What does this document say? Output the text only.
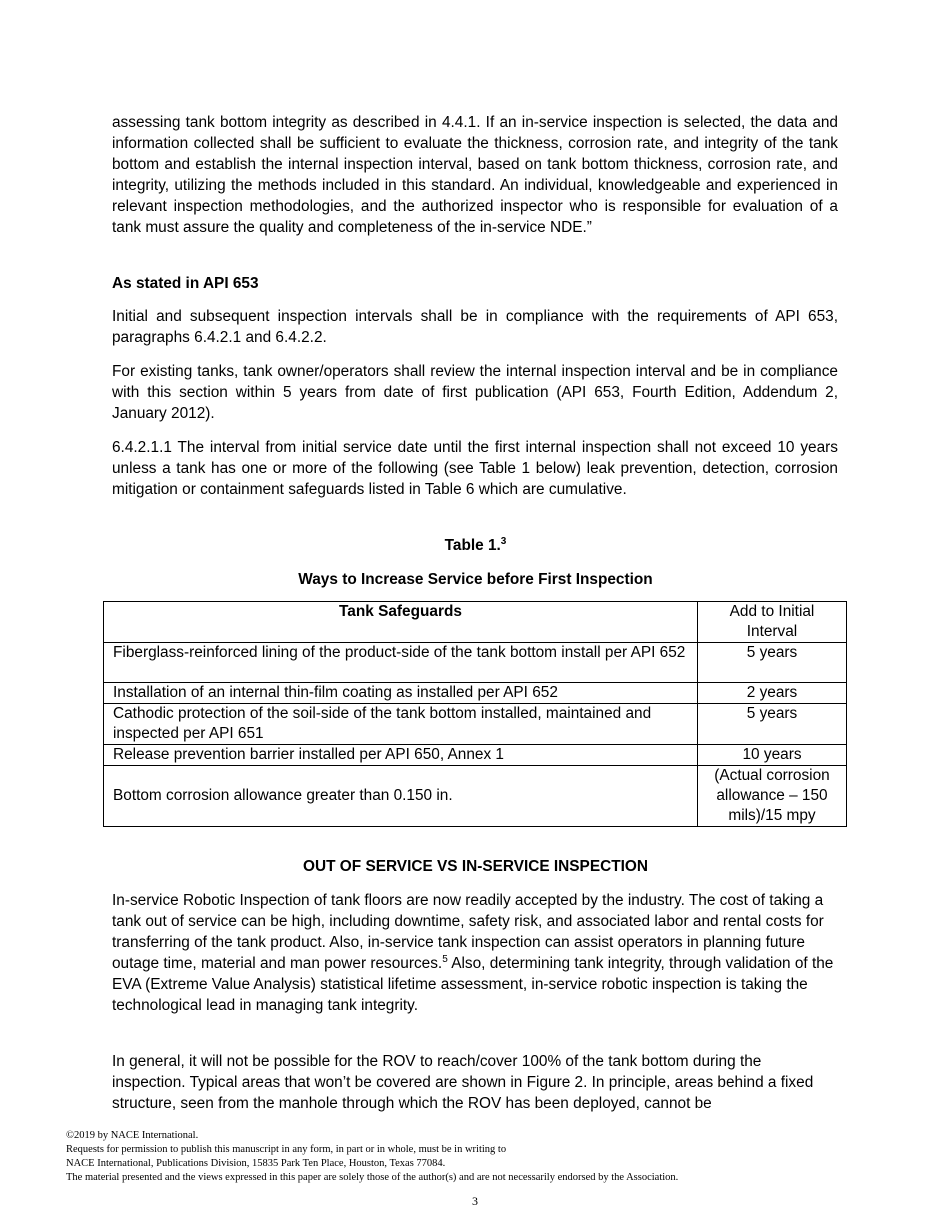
assessing tank bottom integrity as described in 4.4.1. If an in-service inspection is selected, the data and information collected shall be sufficient to evaluate the thickness, corrosion rate, and integrity of the tank bottom and establish the internal inspection interval, based on tank bottom thickness, corrosion rate, and integrity, utilizing the methods included in this standard. An individual, knowledgeable and experienced in relevant inspection methodologies, and the authorized inspector who is responsible for evaluation of a tank must assure the quality and completeness of the in-service NDE.”

As stated in API 653

Initial and subsequent inspection intervals shall be in compliance with the requirements of API 653, paragraphs 6.4.2.1 and 6.4.2.2.

For existing tanks, tank owner/operators shall review the internal inspection interval and be in compliance with this section within 5 years from date of first publication (API 653, Fourth Edition, Addendum 2, January 2012).

6.4.2.1.1 The interval from initial service date until the first internal inspection shall not exceed 10 years unless a tank has one or more of the following (see Table 1 below) leak prevention, detection, corrosion mitigation or containment safeguards listed in Table 6 which are cumulative.

Table 1.$^3$

Ways to Increase Service before First Inspection

Tank Safeguards	Add to Initial Interval
Fiberglass-reinforced lining of the product-side of the tank bottom install per API 652	5 years
Installation of an internal thin-film coating as installed per API 652	2 years
Cathodic protection of the soil-side of the tank bottom installed, maintained and inspected per API 651	5 years
Release prevention barrier installed per API 650, Annex 1	10 years
Bottom corrosion allowance greater than 0.150 in.	(Actual corrosion allowance – 150 mils)/15 mpy

OUT OF SERVICE VS IN-SERVICE INSPECTION

In-service Robotic Inspection of tank floors are now readily accepted by the industry. The cost of taking a tank out of service can be high, including downtime, safety risk, and associated labor and rental costs for transferring of the tank product. Also, in-service tank inspection can assist operators in planning future outage time, material and man power resources.$^5$ Also, determining tank integrity, through validation of the EVA (Extreme Value Analysis) statistical lifetime assessment, in-service robotic inspection is taking the technological lead in managing tank integrity.

In general, it will not be possible for the ROV to reach/cover 100% of the tank bottom during the inspection. Typical areas that won’t be covered are shown in Figure 2. In principle, areas behind a fixed structure, seen from the manhole through which the ROV has been deployed, cannot be

©2019 by NACE International.
Requests for permission to publish this manuscript in any form, in part or in whole, must be in writing to
NACE International, Publications Division, 15835 Park Ten Place, Houston, Texas 77084.
The material presented and the views expressed in this paper are solely those of the author(s) and are not necessarily endorsed by the Association.
3
